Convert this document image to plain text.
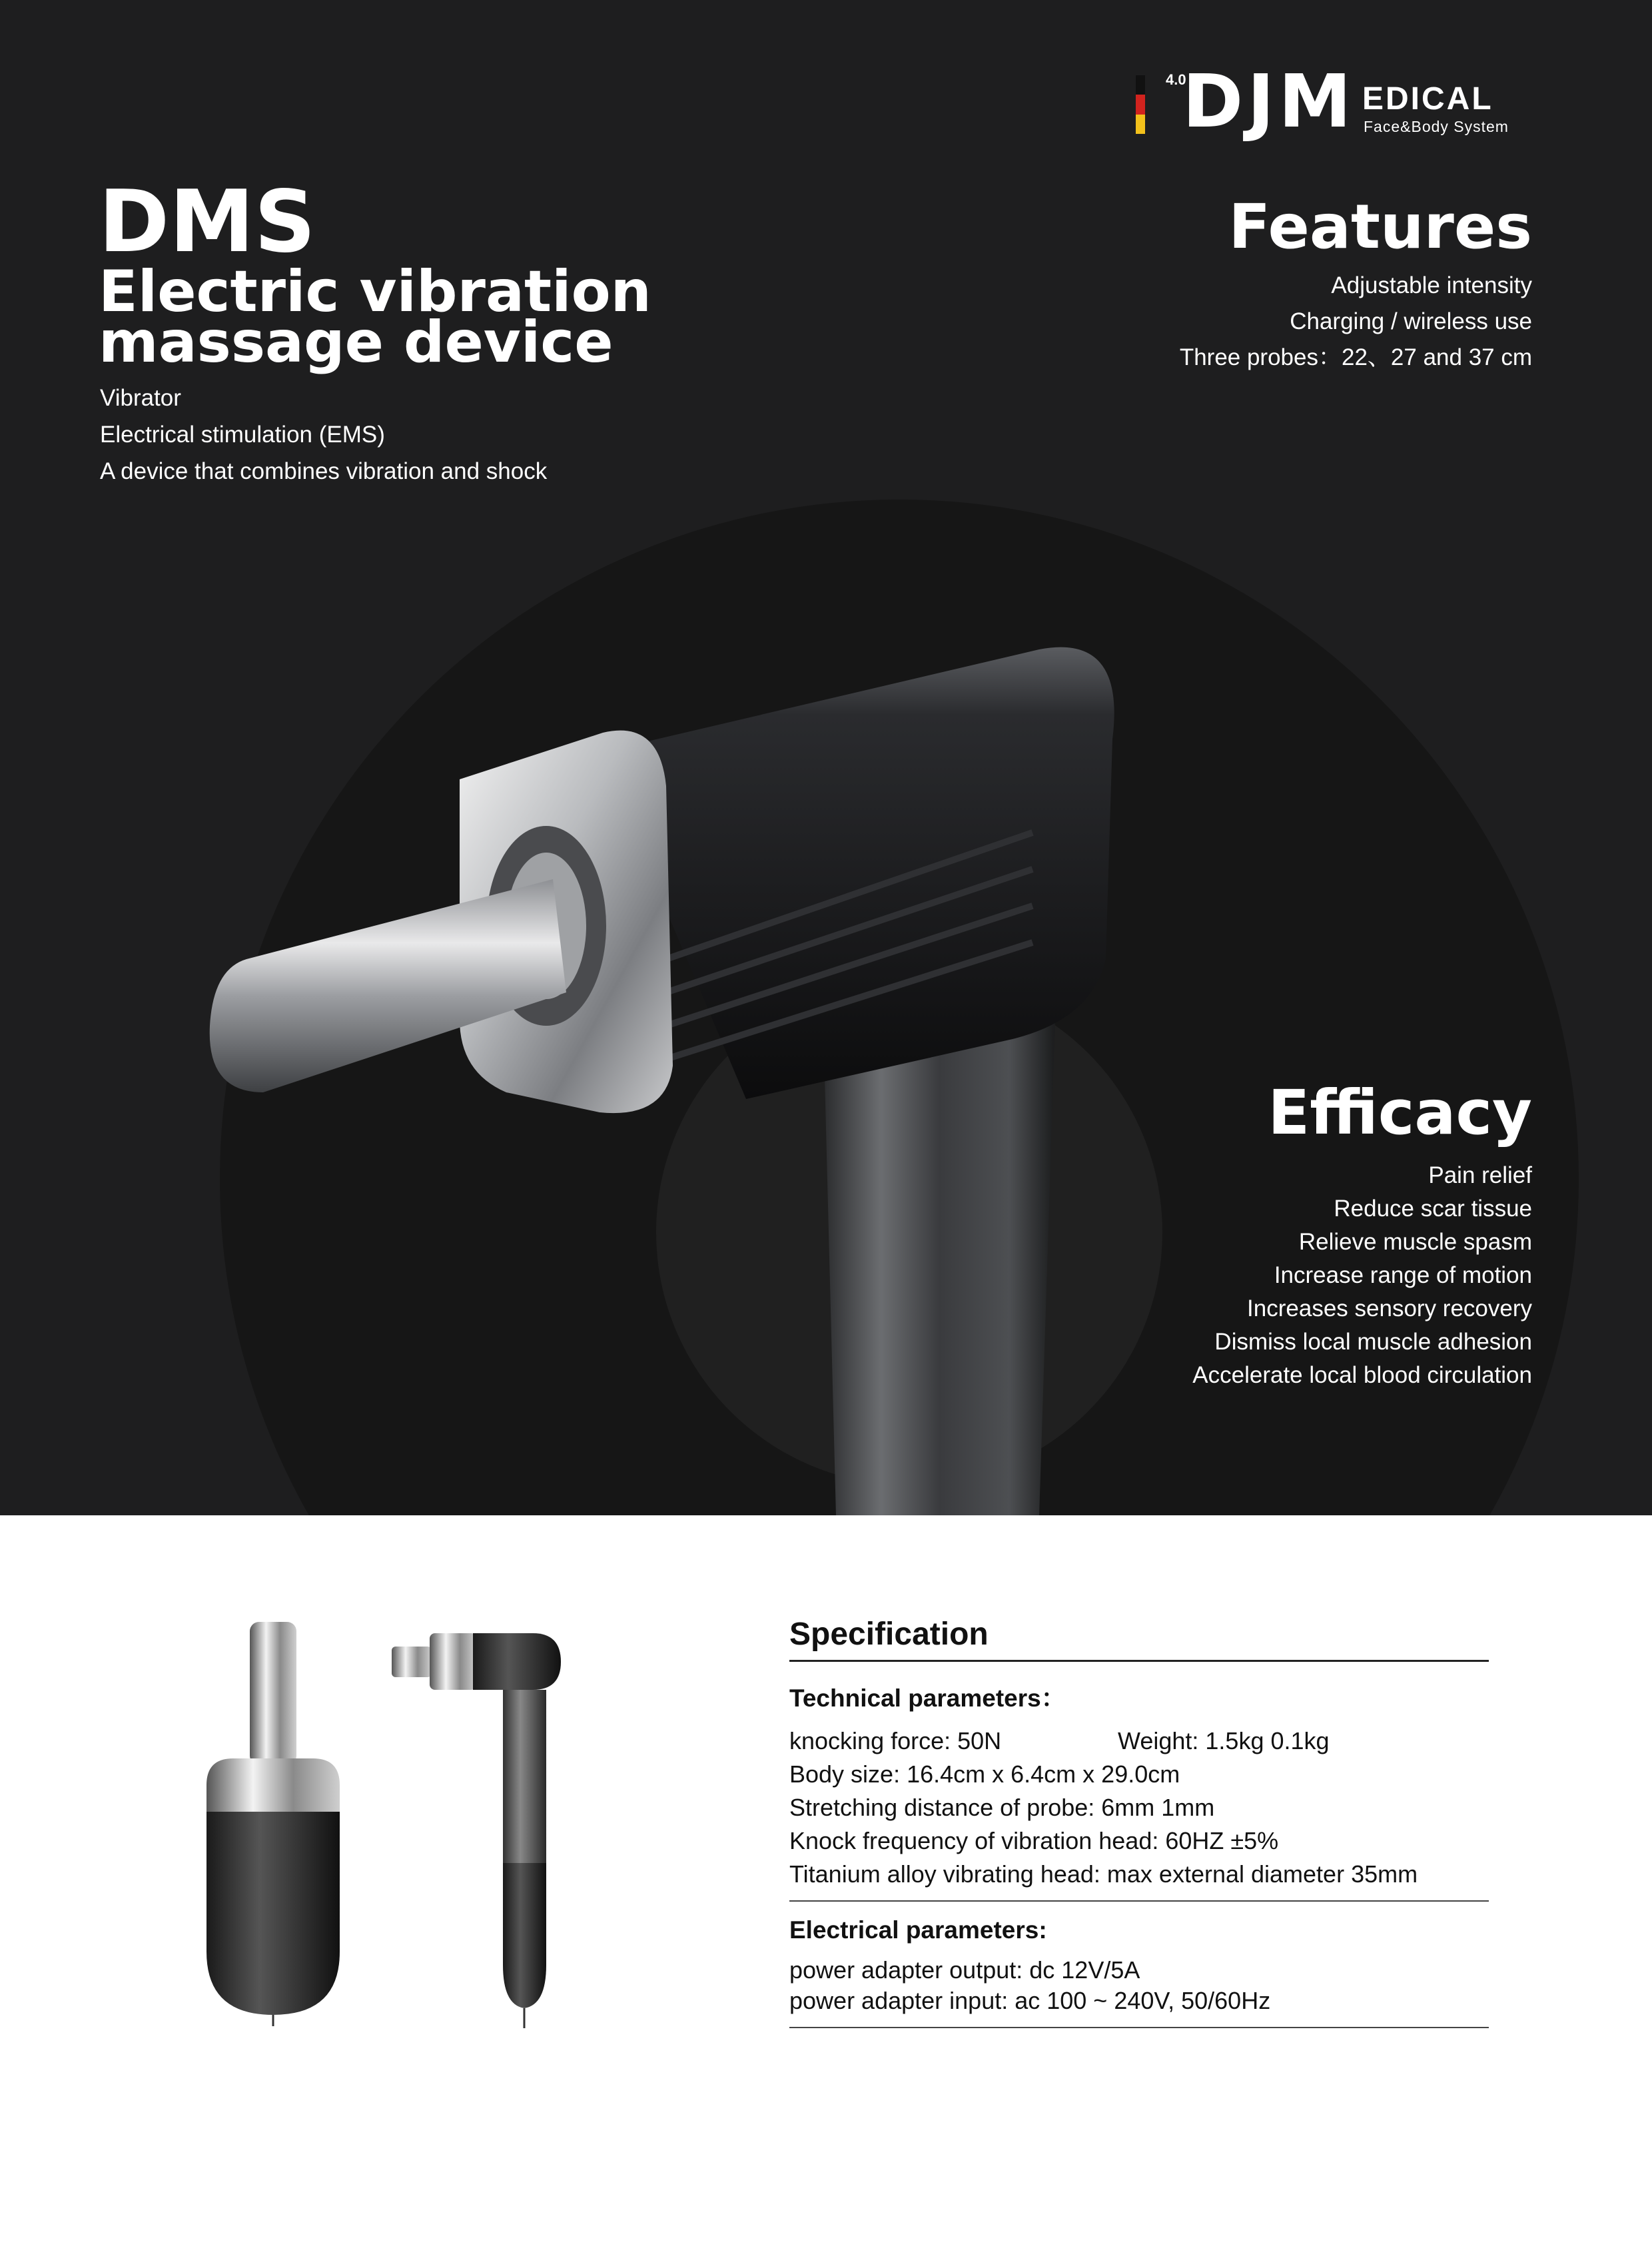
4.0
DJM EDICAL
Face&Body System
DMS
Electric vibration
massage device
Vibrator
Electrical stimulation (EMS)
A device that combines vibration and shock
Features
Adjustable intensity
Charging / wireless use
Three probes：22、27 and 37 cm
Efficacy
Pain relief
Reduce scar tissue
Relieve muscle spasm
Increase range of motion
Increases sensory recovery
Dismiss local muscle adhesion
Accelerate local blood circulation
Specification
Technical parameters：
knocking force: 50N	Weight: 1.5kg 0.1kg
Body size: 16.4cm x 6.4cm x 29.0cm
Stretching distance of probe: 6mm 1mm
Knock frequency of vibration head: 60HZ ±5%
Titanium alloy vibrating head: max external diameter 35mm
Electrical parameters:
power adapter output: dc 12V/5A
power adapter input: ac 100 ~ 240V, 50/60Hz
